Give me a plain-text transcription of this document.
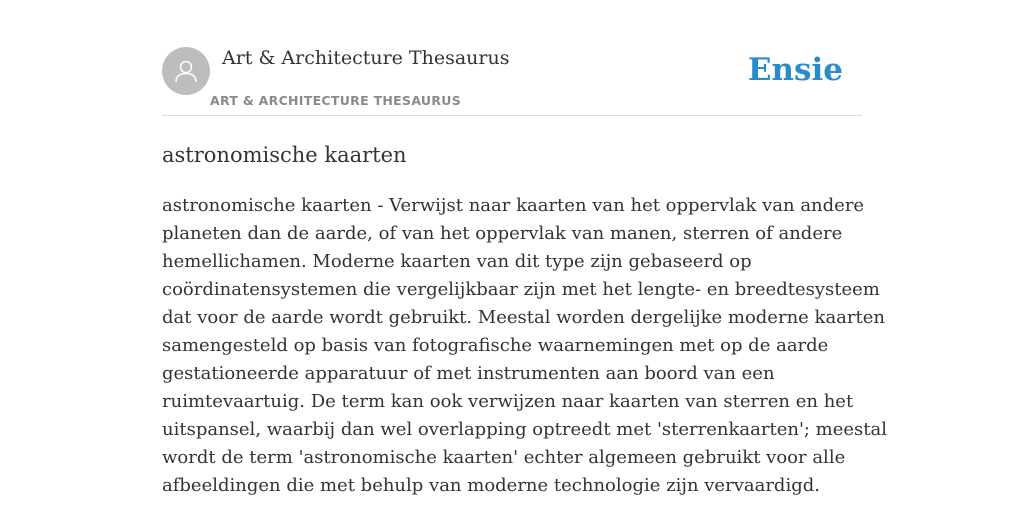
Art & Architecture Thesaurus
ART & ARCHITECTURE THESAURUS
Ensie
astronomische kaarten
astronomische kaarten - Verwijst naar kaarten van het oppervlak van andere
planeten dan de aarde, of van het oppervlak van manen, sterren of andere
hemellichamen. Moderne kaarten van dit type zijn gebaseerd op
coördinatensystemen die vergelijkbaar zijn met het lengte- en breedtesysteem
dat voor de aarde wordt gebruikt. Meestal worden dergelijke moderne kaarten
samengesteld op basis van fotografische waarnemingen met op de aarde
gestationeerde apparatuur of met instrumenten aan boord van een
ruimtevaartuig. De term kan ook verwijzen naar kaarten van sterren en het
uitspansel, waarbij dan wel overlapping optreedt met 'sterrenkaarten'; meestal
wordt de term 'astronomische kaarten' echter algemeen gebruikt voor alle
afbeeldingen die met behulp van moderne technologie zijn vervaardigd.
